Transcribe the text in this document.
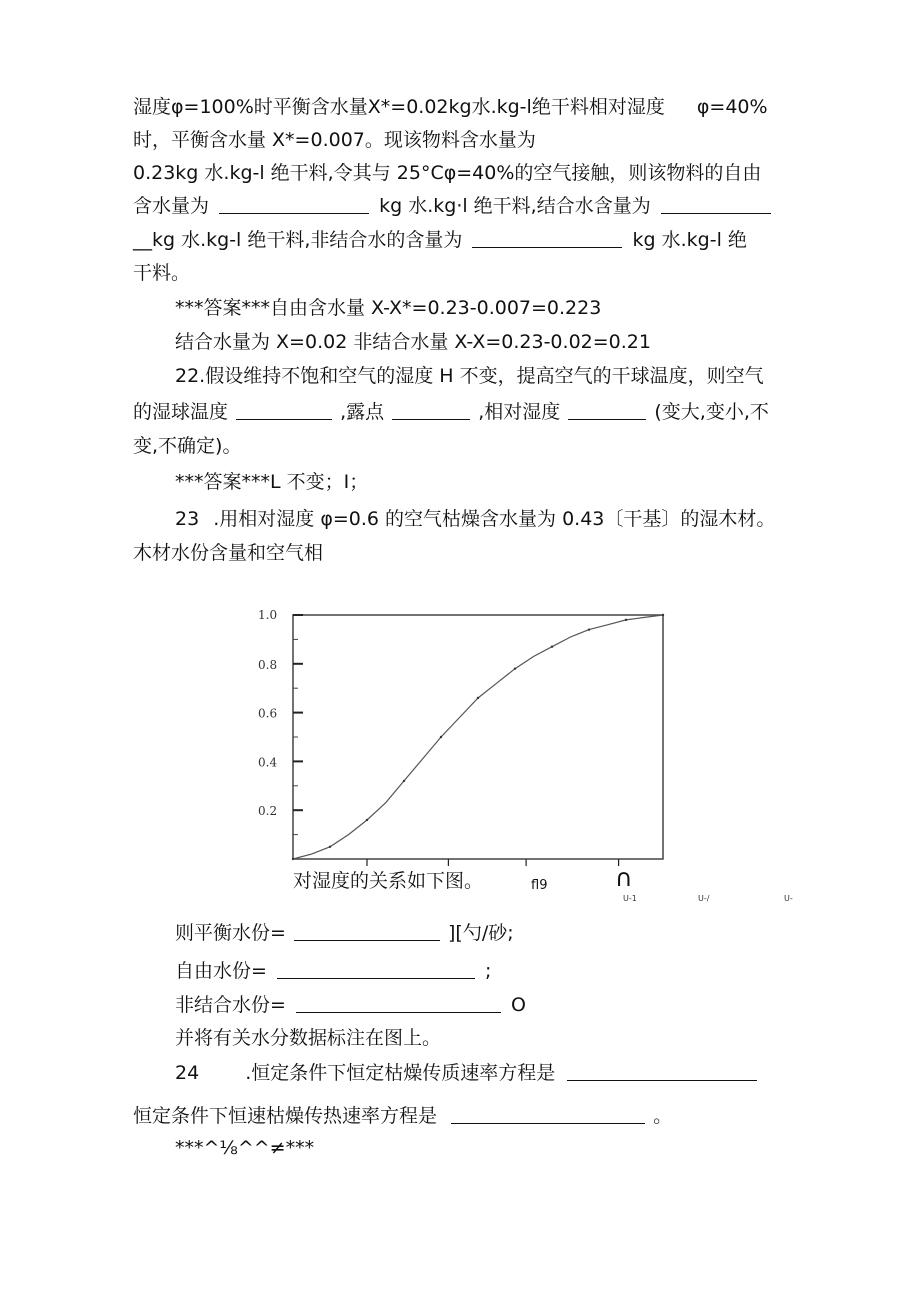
湿度φ=100%时平衡含水量X*=0.02kg水.kg-l绝干料相对湿度 φ=40%
时，平衡含水量 X*=0.007。现该物料含水量为
0.23kg 水.kg-l 绝干料,令其与 25°Cφ=40%的空气接触，则该物料的自由
含水量为	kg 水.kg·l 绝干料,结合水含量为
__kg 水.kg-l 绝干料,非结合水的含量为	kg 水.kg-l 绝
干料。
***答案***自由含水量 X-X*=0.23-0.007=0.223
结合水量为 X=0.02 非结合水量 X-X=0.23-0.02=0.21
22.假设维持不饱和空气的湿度 H 不变，提高空气的干球温度，则空气
的湿球温度	,露点	,相对湿度	(变大,变小,不
变,不确定)。
***答案***L 不变；I；
23 .用相对湿度 φ=0.6 的空气枯燥含水量为 0.43〔干基〕的湿木材。
木材水份含量和空气相
1.0
0.8
0.6
0.4
0.2
对湿度的关系如下图。	fl9	∩
U-1	U-/	U-
则平衡水份=	][勺/砂;
自由水份=	;
非结合水份=	O
并将有关水分数据标注在图上。
24 .恒定条件下恒定枯燥传质速率方程是
恒定条件下恒速枯燥传热速率方程是	。
***^⅛^^≠***
